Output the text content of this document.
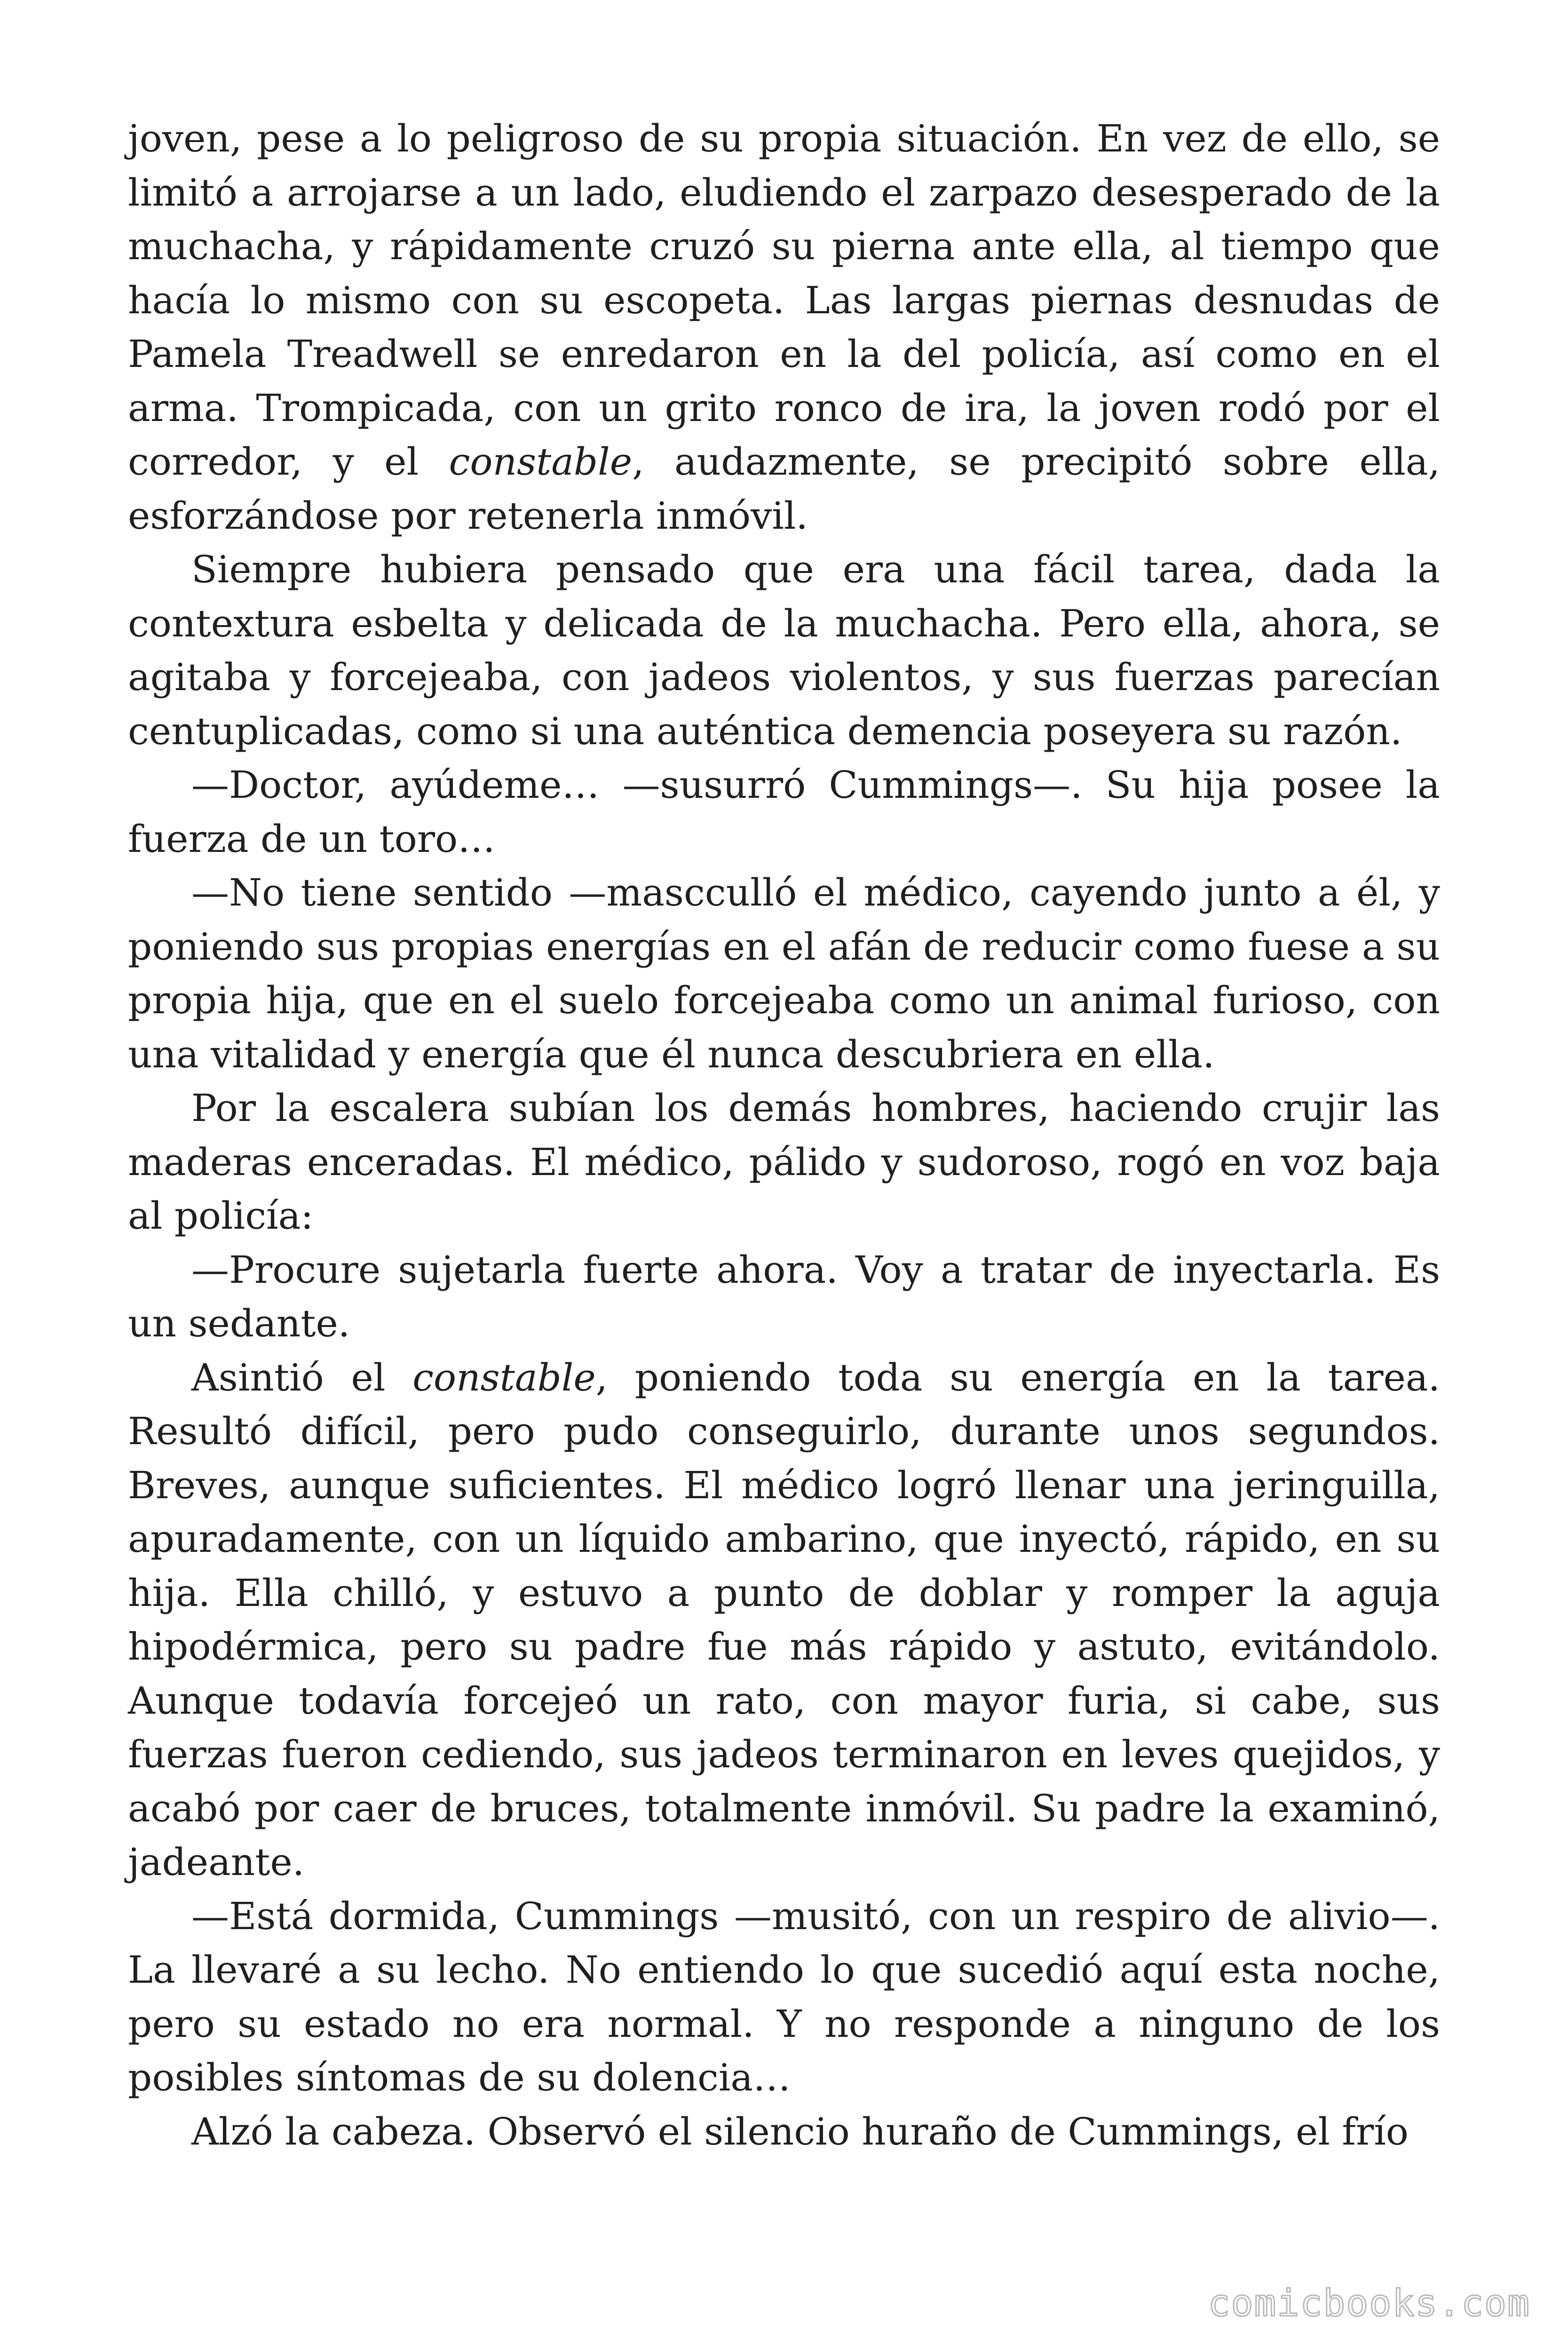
joven, pese a lo peligroso de su propia situación. En vez de ello, se limitó a arrojarse a un lado, eludiendo el zarpazo desesperado de la muchacha, y rápidamente cruzó su pierna ante ella, al tiempo que hacía lo mismo con su escopeta. Las largas piernas desnudas de Pamela Treadwell se enredaron en la del policía, así como en el arma. Trompicada, con un grito ronco de ira, la joven rodó por el corredor, y el constable, audazmente, se precipitó sobre ella, esforzándose por retenerla inmóvil.

Siempre hubiera pensado que era una fácil tarea, dada la contextura esbelta y delicada de la muchacha. Pero ella, ahora, se agitaba y forcejeaba, con jadeos violentos, y sus fuerzas parecían centuplicadas, como si una auténtica demencia poseyera su razón.

—Doctor, ayúdeme… —susurró Cummings—. Su hija posee la fuerza de un toro…

—No tiene sentido —mascculló el médico, cayendo junto a él, y poniendo sus propias energías en el afán de reducir como fuese a su propia hija, que en el suelo forcejeaba como un animal furioso, con una vitalidad y energía que él nunca descubriera en ella.

Por la escalera subían los demás hombres, haciendo crujir las maderas enceradas. El médico, pálido y sudoroso, rogó en voz baja al policía:

—Procure sujetarla fuerte ahora. Voy a tratar de inyectarla. Es un sedante.

Asintió el constable, poniendo toda su energía en la tarea. Resultó difícil, pero pudo conseguirlo, durante unos segundos. Breves, aunque suficientes. El médico logró llenar una jeringuilla, apuradamente, con un líquido ambarino, que inyectó, rápido, en su hija. Ella chilló, y estuvo a punto de doblar y romper la aguja hipodérmica, pero su padre fue más rápido y astuto, evitándolo. Aunque todavía forcejeó un rato, con mayor furia, si cabe, sus fuerzas fueron cediendo, sus jadeos terminaron en leves quejidos, y acabó por caer de bruces, totalmente inmóvil. Su padre la examinó, jadeante.

—Está dormida, Cummings —musitó, con un respiro de alivio—. La llevaré a su lecho. No entiendo lo que sucedió aquí esta noche, pero su estado no era normal. Y no responde a ninguno de los posibles síntomas de su dolencia…

Alzó la cabeza. Observó el silencio huraño de Cummings, el frío

comicbooks.com
